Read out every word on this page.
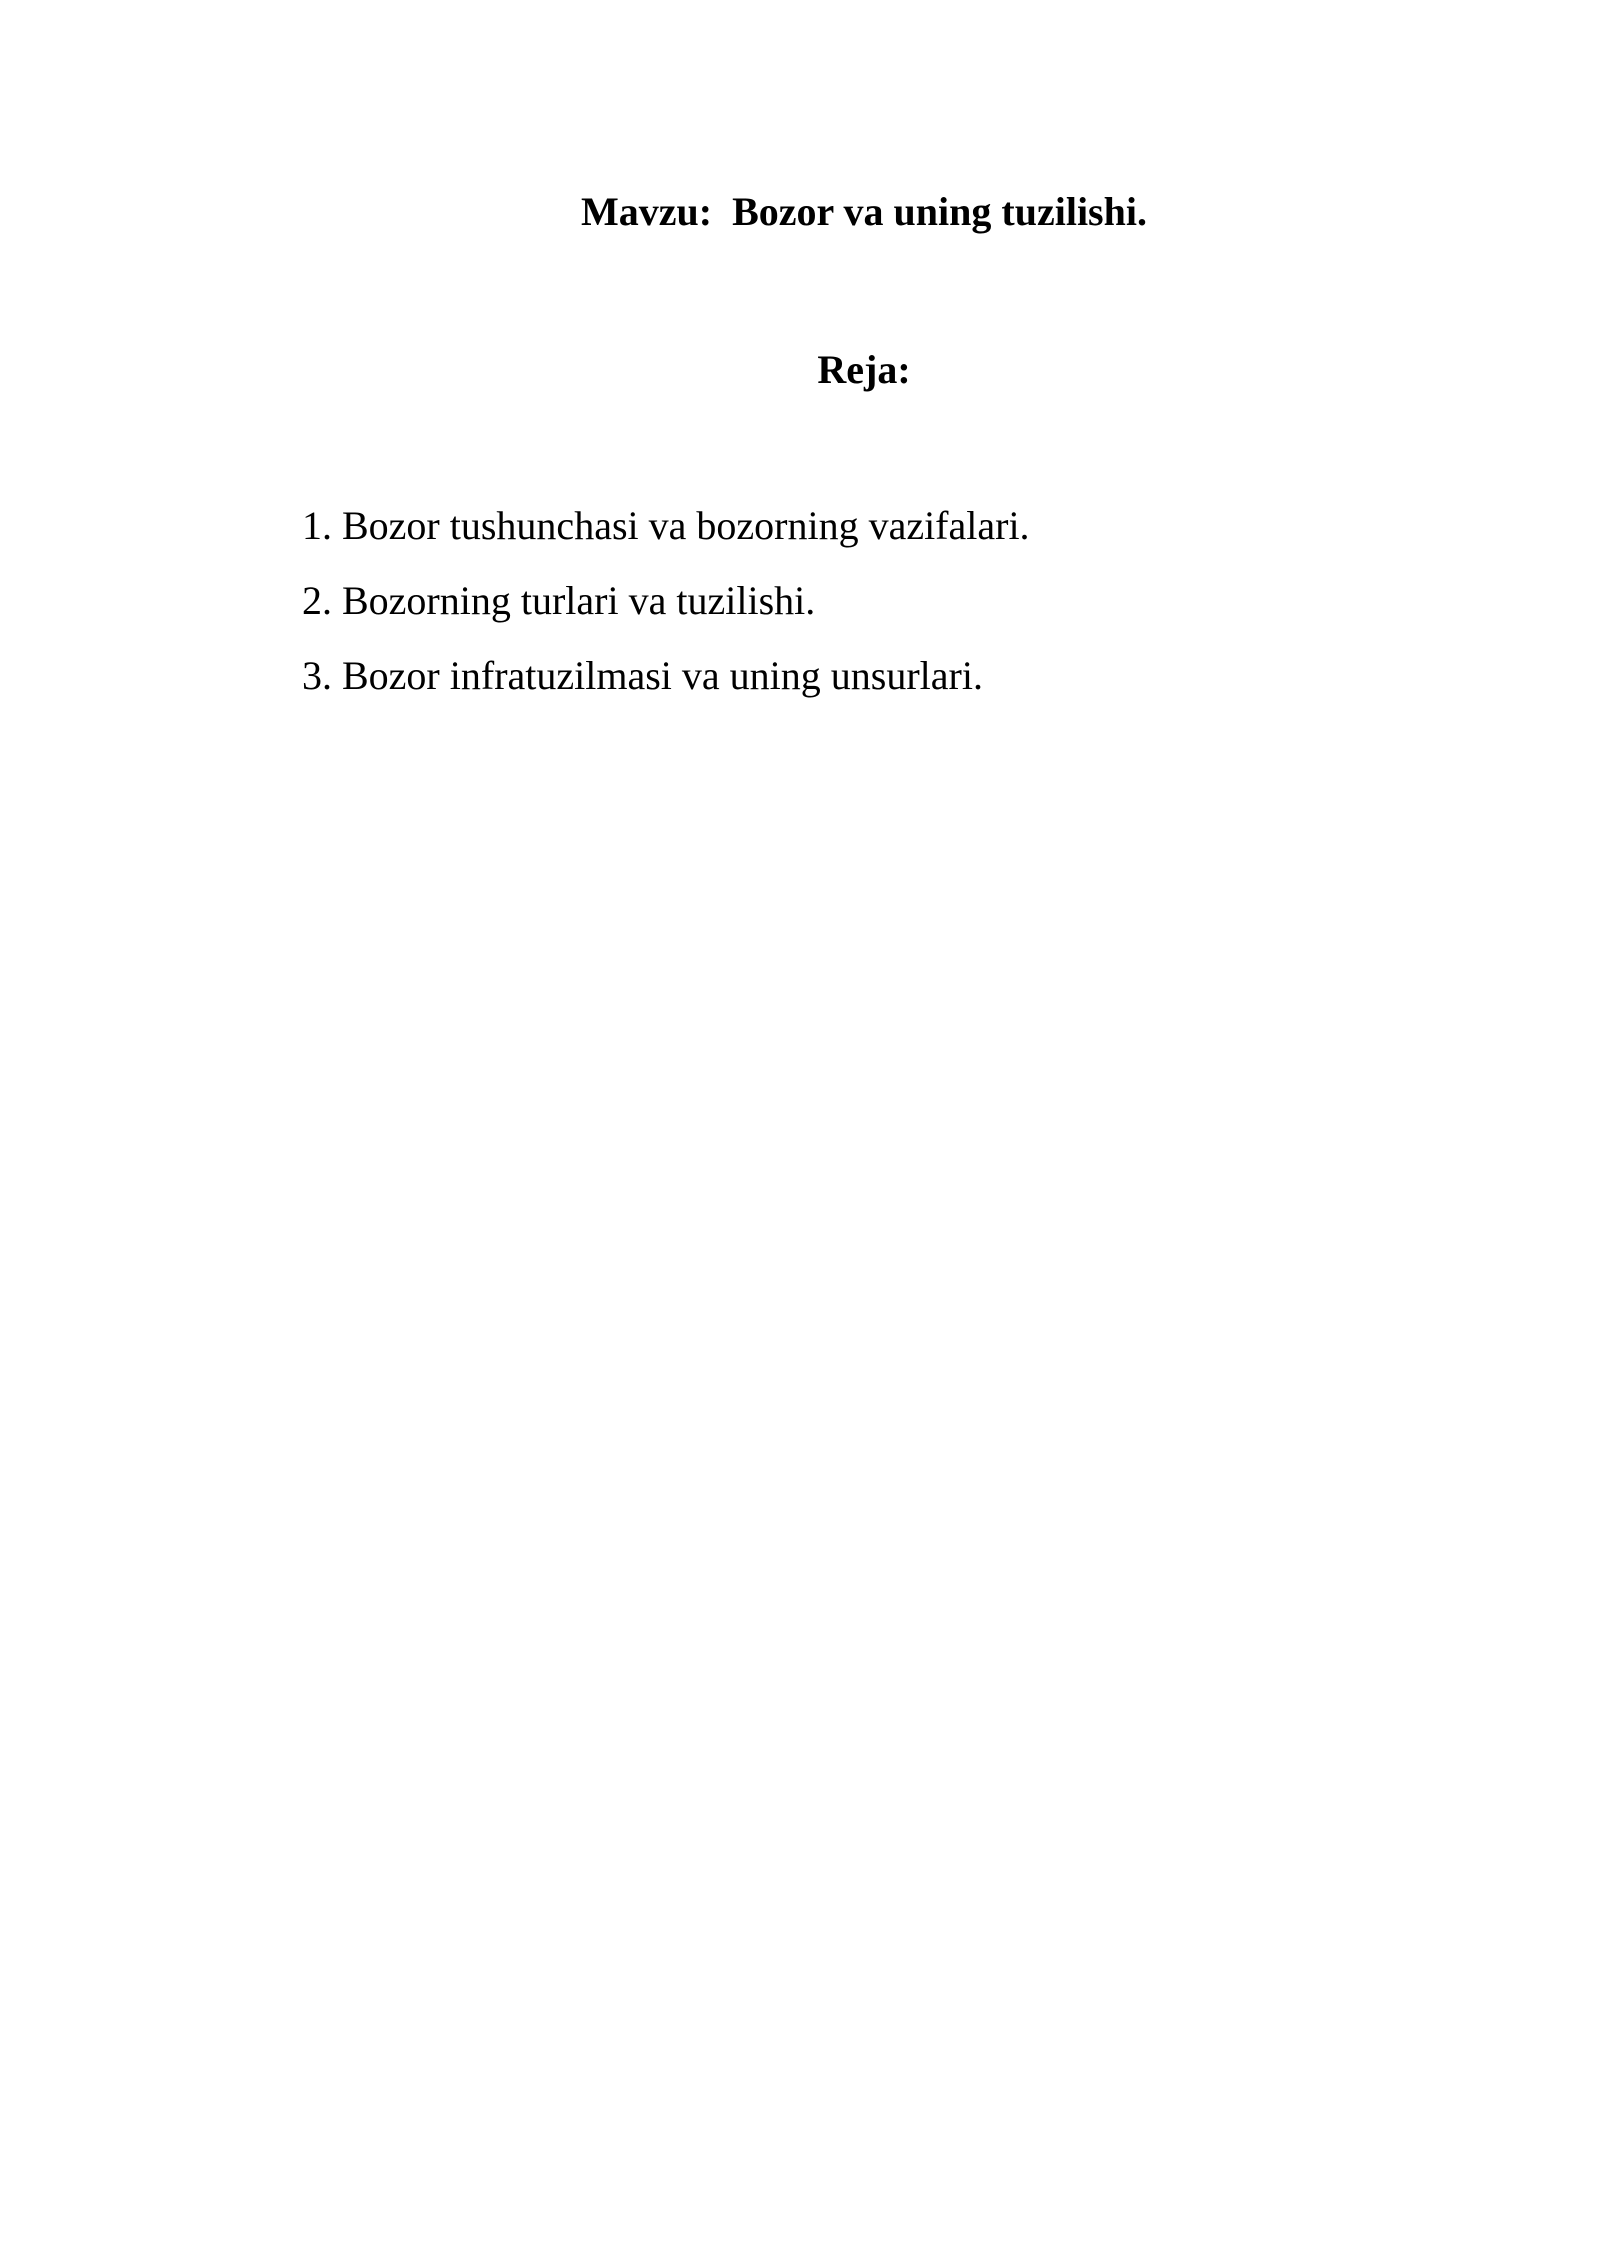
Mavzu:  Bozor va uning tuzilishi.
Reja:
1. Bozor tushunchasi va bozorning vazifalari.
2. Bozorning turlari va tuzilishi.
3. Bozor infratuzilmasi va uning unsurlari.
